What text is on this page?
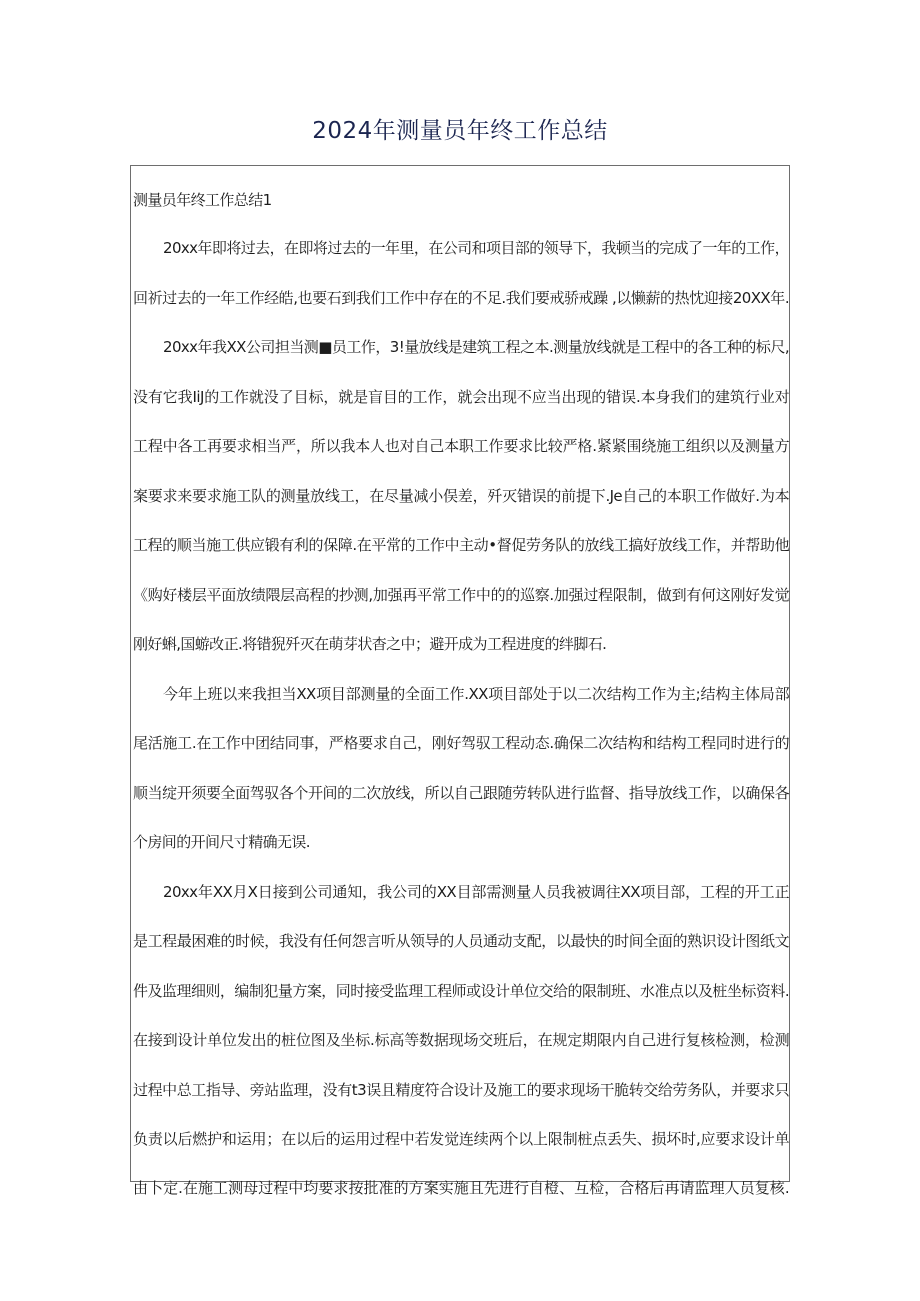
2024年测量员年终工作总结
测量员年终工作总结1
20xx年即将过去，在即将过去的一年里，在公司和项目部的领导下，我顿当的完成了一年的工作，
回祈过去的一年工作经皓,也要石到我们工作中存在的不足.我们要戒骄戒躁 ,以懒薪的热忱迎接20XX年.
20xx年我XX公司担当测■员工作，3!量放线是建筑工程之本.测量放线就是工程中的各工种的标尺,
没有它我IiJ的工作就没了目标，就是盲目的工作，就会出现不应当出现的错误.本身我们的建筑行业对
工程中各工再要求相当严，所以我本人也对自己本职工作要求比较严格.紧紧围绕施工组织以及测量方
案要求来要求施工队的测量放线工，在尽量减小俣差，歼灭错误的前提下.Je自己的本职工作做好.为本
工程的顺当施工供应锻有利的保障.在平常的工作中主动•督促劳务队的放线工搞好放线工作，并帮助他
《购好楼层平面放绩隈层高程的抄测,加强再平常工作中的的巡察.加强过程限制，做到有何这刚好发觉
刚好蝌,国蝣改正.将错猊歼灭在萌芽状杳之中；避开成为工程进度的绊脚石.
今年上班以来我担当XX项目部测量的全面工作.XX项目部处于以二次结构工作为主;结构主体局部
尾活施工.在工作中团结同事，严格要求自己，刚好驾驭工程动态.确保二次结构和结构工程同时进行的
顺当绽开须要全面驾驭各个开间的二次放线，所以自己跟随劳转队进行监督、指导放线工作，以确保各
个房间的开间尺寸精确无误.
20xx年XX月X日接到公司通知，我公司的XX目部需测量人员我被调往XX项目部，工程的开工正
是工程最困难的时候，我没有任何怨言听从领导的人员通动支配，以最快的时间全面的熟识设计图纸文
件及监理细则，编制犯量方案，同时接受监理工程师或设计单位交给的限制班、水准点以及桩坐标资料.
在接到设计单位发出的桩位图及坐标.标高等数据现场交班后，在规定期限内自己进行复核检测，检测
过程中总工指导、旁站监理，没有t3误且精度符合设计及施工的要求现场干脆转交给劳务队，并要求只
负责以后燃护和运用；在以后的运用过程中若发觉连续两个以上限制桩点丢失、损坏时,应要求设计单
由卜定.在施工测母过程中均要求按批准的方案实施且先进行自橙、互检，合格后再请监理人员复核.
